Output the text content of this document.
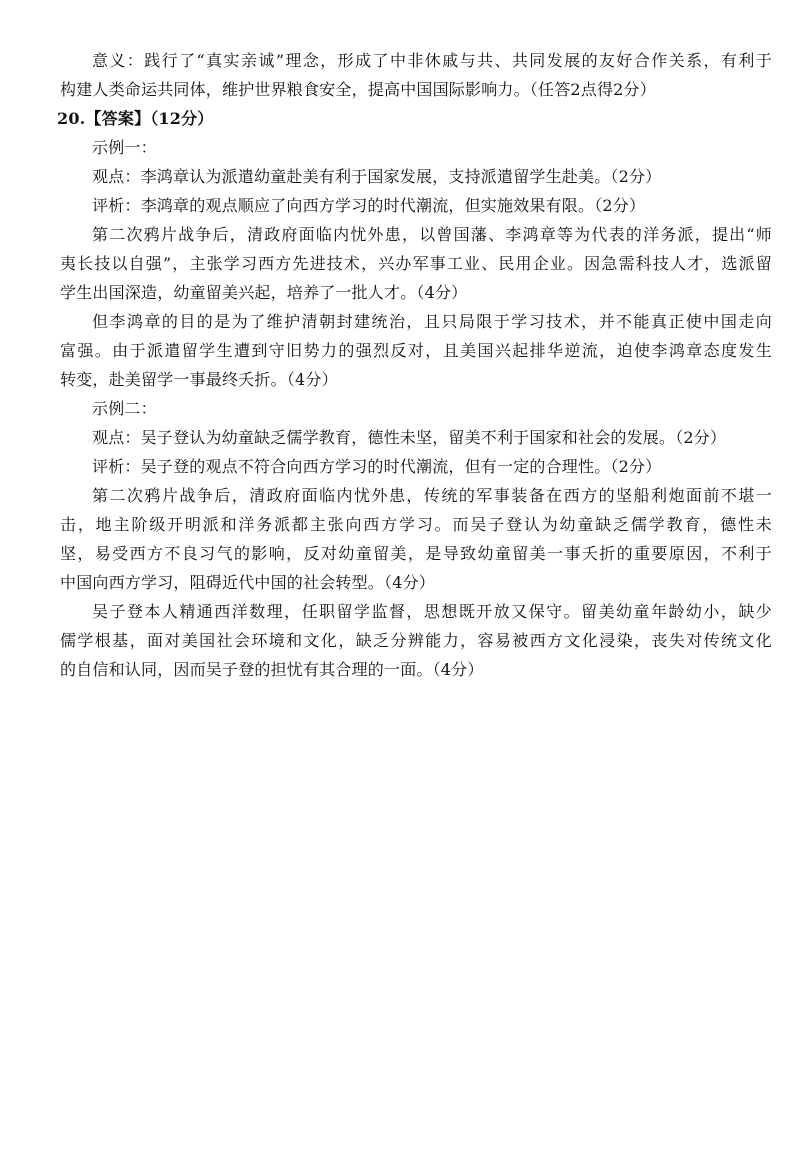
意义：践行了“真实亲诚”理念，形成了中非休戚与共、共同发展的友好合作关系，有利于
构建人类命运共同体，维护世界粮食安全，提高中国国际影响力。（任答2点得2分）
20.【答案】（12分）
示例一：
观点：李鸿章认为派遣幼童赴美有利于国家发展，支持派遣留学生赴美。（2分）
评析：李鸿章的观点顺应了向西方学习的时代潮流，但实施效果有限。（2分）
第二次鸦片战争后，清政府面临内忧外患，以曾国藩、李鸿章等为代表的洋务派，提出“师
夷长技以自强”，主张学习西方先进技术，兴办军事工业、民用企业。因急需科技人才，选派留
学生出国深造，幼童留美兴起，培养了一批人才。（4分）
但李鸿章的目的是为了维护清朝封建统治，且只局限于学习技术，并不能真正使中国走向
富强。由于派遣留学生遭到守旧势力的强烈反对，且美国兴起排华逆流，迫使李鸿章态度发生
转变，赴美留学一事最终夭折。（4分）
示例二：
观点：吴子登认为幼童缺乏儒学教育，德性未坚，留美不利于国家和社会的发展。（2分）
评析：吴子登的观点不符合向西方学习的时代潮流，但有一定的合理性。（2分）
第二次鸦片战争后，清政府面临内忧外患，传统的军事装备在西方的坚船利炮面前不堪一
击，地主阶级开明派和洋务派都主张向西方学习。而吴子登认为幼童缺乏儒学教育，德性未
坚，易受西方不良习气的影响，反对幼童留美，是导致幼童留美一事夭折的重要原因，不利于
中国向西方学习，阻碍近代中国的社会转型。（4分）
吴子登本人精通西洋数理，任职留学监督，思想既开放又保守。留美幼童年龄幼小，缺少
儒学根基，面对美国社会环境和文化，缺乏分辨能力，容易被西方文化浸染，丧失对传统文化
的自信和认同，因而吴子登的担忧有其合理的一面。（4分）
